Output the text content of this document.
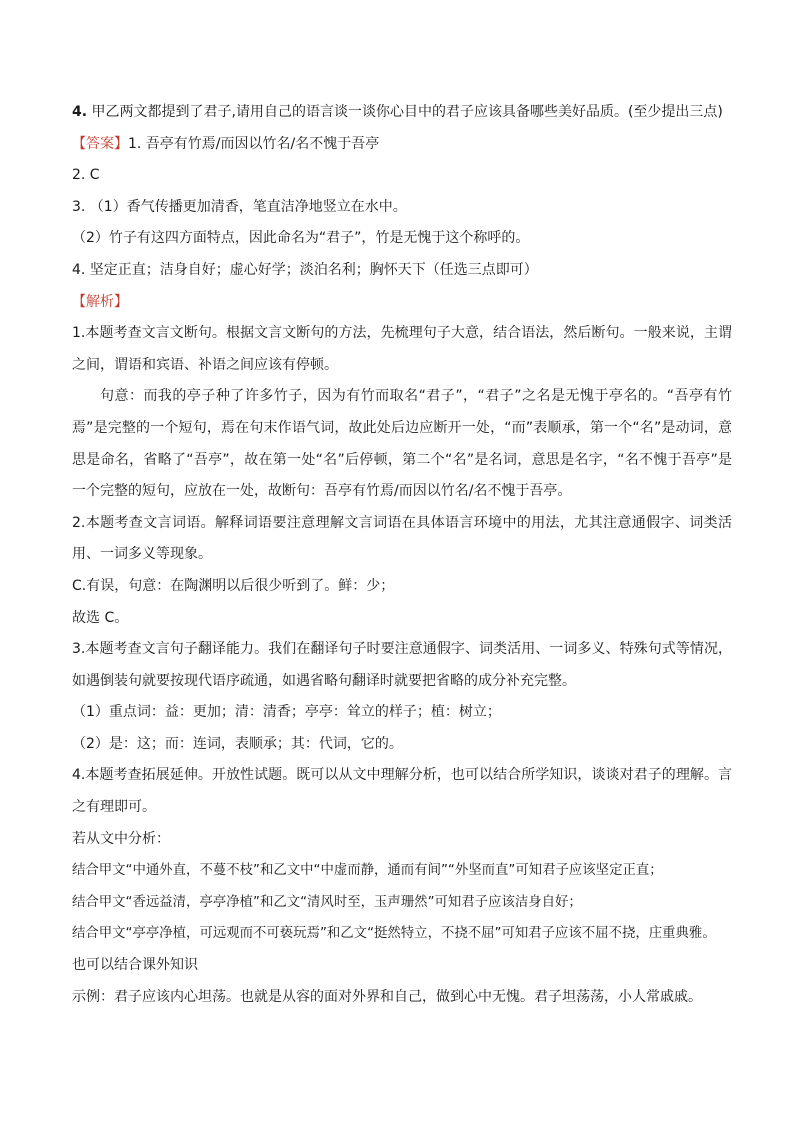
4. 甲乙两文都提到了君子,请用自己的语言谈一谈你心目中的君子应该具备哪些美好品质。(至少提出三点)

【答案】1. 吾亭有竹焉/而因以竹名/名不愧于吾亭

2. C

3. （1）香气传播更加清香，笔直洁净地竖立在水中。

（2）竹子有这四方面特点，因此命名为“君子”，竹是无愧于这个称呼的。

4. 坚定正直；洁身自好；虚心好学；淡泊名利；胸怀天下（任选三点即可）

【解析】

1.本题考查文言文断句。根据文言文断句的方法，先梳理句子大意，结合语法，然后断句。一般来说，主谓之间，谓语和宾语、补语之间应该有停顿。

句意：而我的亭子种了许多竹子，因为有竹而取名“君子”，“君子”之名是无愧于亭名的。“吾亭有竹焉”是完整的一个短句，焉在句末作语气词，故此处后边应断开一处，“而”表顺承，第一个“名”是动词，意思是命名，省略了“吾亭”，故在第一处“名”后停顿，第二个“名”是名词，意思是名字，“名不愧于吾亭”是一个完整的短句，应放在一处，故断句：吾亭有竹焉/而因以竹名/名不愧于吾亭。

2.本题考查文言词语。解释词语要注意理解文言词语在具体语言环境中的用法，尤其注意通假字、词类活用、一词多义等现象。

C.有误，句意：在陶渊明以后很少听到了。鲜：少；

故选 C。

3.本题考查文言句子翻译能力。我们在翻译句子时要注意通假字、词类活用、一词多义、特殊句式等情况，如遇倒装句就要按现代语序疏通，如遇省略句翻译时就要把省略的成分补充完整。

（1）重点词：益：更加；清：清香；亭亭：耸立的样子；植：树立；

（2）是：这；而：连词，表顺承；其：代词，它的。

4.本题考查拓展延伸。开放性试题。既可以从文中理解分析，也可以结合所学知识，谈谈对君子的理解。言之有理即可。

若从文中分析：

结合甲文“中通外直，不蔓不枝”和乙文中“中虚而静，通而有间”“外坚而直”可知君子应该坚定正直；

结合甲文“香远益清，亭亭净植”和乙文“清风时至，玉声珊然”可知君子应该洁身自好；

结合甲文“亭亭净植，可远观而不可亵玩焉”和乙文“挺然特立，不挠不屈”可知君子应该不屈不挠，庄重典雅。

也可以结合课外知识

示例：君子应该内心坦荡。也就是从容的面对外界和自己，做到心中无愧。君子坦荡荡，小人常戚戚。
